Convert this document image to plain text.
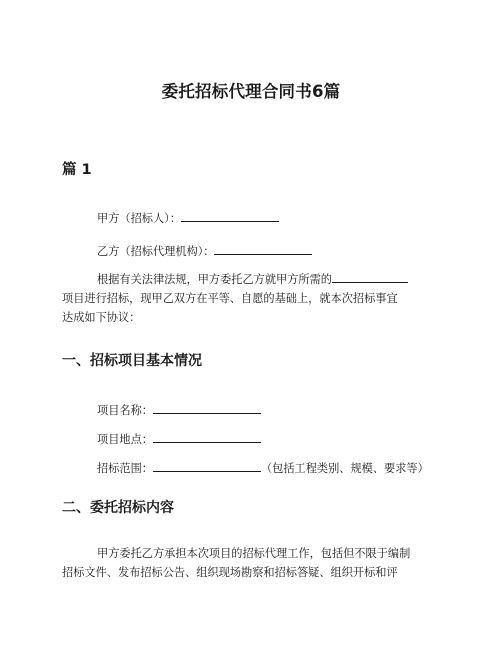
委托招标代理合同书6篇
篇 1

甲方（招标人）：

乙方（招标代理机构）：

根据有关法律法规，甲方委托乙方就甲方所需的
项目进行招标，现甲乙双方在平等、自愿的基础上，就本次招标事宜
达成如下协议：
一、招标项目基本情况

项目名称：

项目地点：

招标范围：	（包括工程类别、规模、要求等）

二、委托招标内容
甲方委托乙方承担本次项目的招标代理工作，包括但不限于编制
招标文件、发布招标公告、组织现场勘察和招标答疑、组织开标和评
